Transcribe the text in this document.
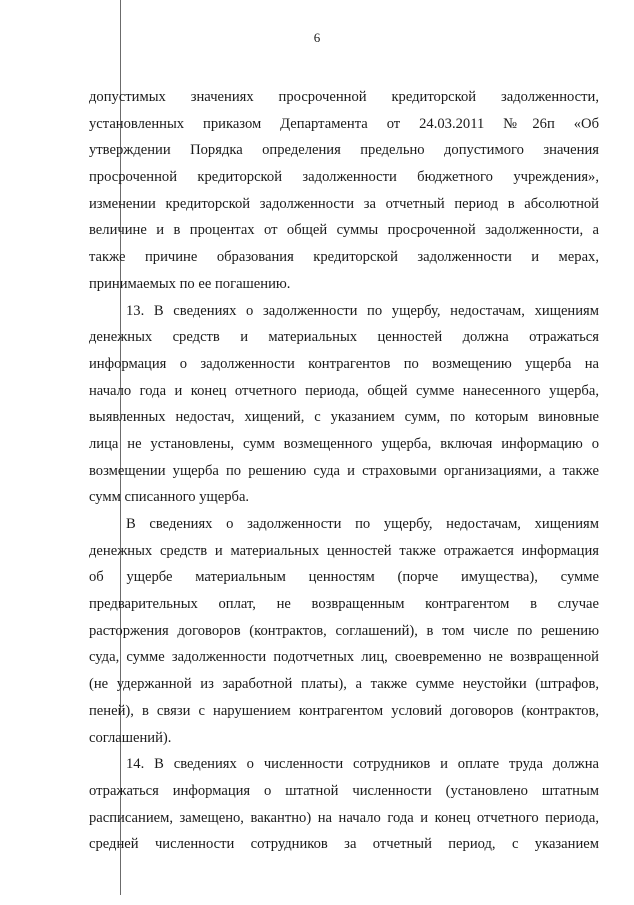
6
допустимых значениях просроченной кредиторской задолженности,
установленных приказом Департамента от 24.03.2011 №26п «Об
утверждении Порядка определения предельно допустимого значения
просроченной кредиторской задолженности бюджетного учреждения»,
изменении кредиторской задолженности за отчетный период в абсолютной
величине и в процентах от общей суммы просроченной задолженности, а
также причине образования кредиторской задолженности и мерах,
принимаемых по ее погашению.
13. В сведениях о задолженности по ущербу, недостачам, хищениям
денежных средств и материальных ценностей должна отражаться
информация о задолженности контрагентов по возмещению ущерба на
начало года и конец отчетного периода, общей сумме нанесенного ущерба,
выявленных недостач, хищений, с указанием сумм, по которым виновные
лица не установлены, сумм возмещенного ущерба, включая информацию о
возмещении ущерба по решению суда и страховыми организациями, а также
сумм списанного ущерба.
В сведениях о задолженности по ущербу, недостачам, хищениям
денежных средств и материальных ценностей также отражается информация
об ущербе материальным ценностям (порче имущества), сумме
предварительных оплат, не возвращенным контрагентом в случае
расторжения договоров (контрактов, соглашений), в том числе по решению
суда, сумме задолженности подотчетных лиц, своевременно не возвращенной
(не удержанной из заработной платы), а также сумме неустойки (штрафов,
пеней), в связи с нарушением контрагентом условий договоров (контрактов,
соглашений).
14. В сведениях о численности сотрудников и оплате труда должна
отражаться информация о штатной численности (установлено штатным
расписанием, замещено, вакантно) на начало года и конец отчетного периода,
средней численности сотрудников за отчетный период, с указанием
